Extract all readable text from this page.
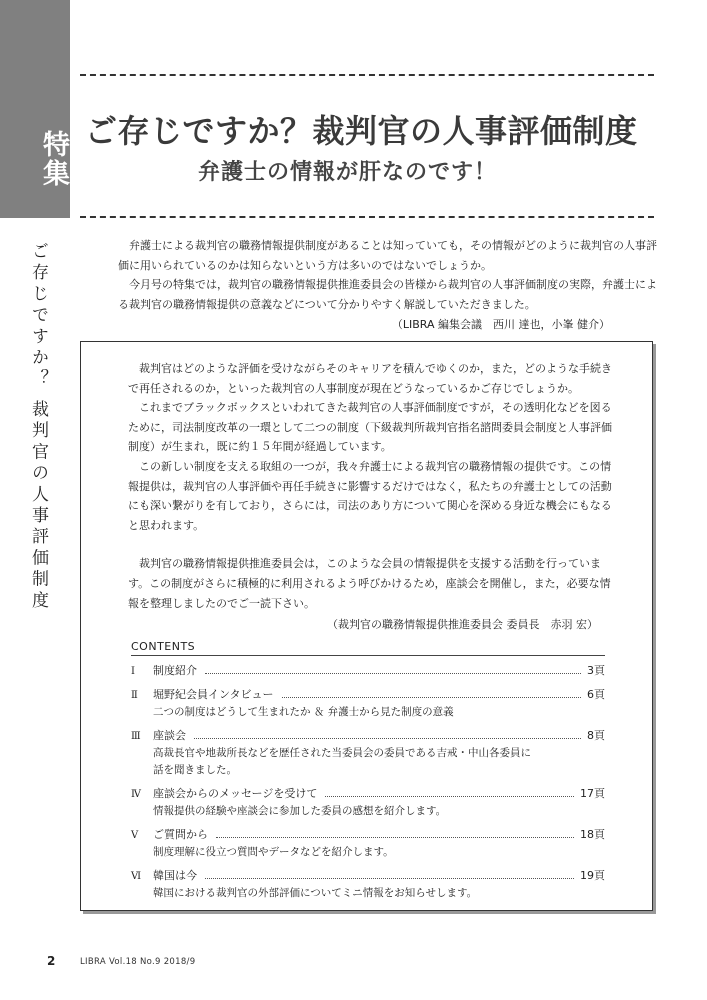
特集
ご存じですか？ 裁判官の人事評価制度
ご存じですか？裁判官の人事評価制度
弁護士の情報が肝なのです！

弁護士による裁判官の職務情報提供制度があることは知っていても，その情報がどのように裁判官の人事評価に用いられているのかは知らないという方は多いのではないでしょうか。

今月号の特集では，裁判官の職務情報提供推進委員会の皆様から裁判官の人事評価制度の実際，弁護士による裁判官の職務情報提供の意義などについて分かりやすく解説していただきました。

（LIBRA 編集会議　西川 達也，小峯 健介）

裁判官はどのような評価を受けながらそのキャリアを積んでゆくのか，また，どのような手続きで再任されるのか，といった裁判官の人事制度が現在どうなっているかご存じでしょうか。

これまでブラックボックスといわれてきた裁判官の人事評価制度ですが，その透明化などを図るために，司法制度改革の一環として二つの制度（下級裁判所裁判官指名諮問委員会制度と人事評価制度）が生まれ，既に約１５年間が経過しています。

この新しい制度を支える取組の一つが，我々弁護士による裁判官の職務情報の提供です。この情報提供は，裁判官の人事評価や再任手続きに影響するだけではなく，私たちの弁護士としての活動にも深い繋がりを有しており，さらには，司法のあり方について関心を深める身近な機会にもなると思われます。

裁判官の職務情報提供推進委員会は，このような会員の情報提供を支援する活動を行っています。この制度がさらに積極的に利用されるよう呼びかけるため，座談会を開催し，また，必要な情報を整理しましたのでご一読下さい。

（裁判官の職務情報提供推進委員会 委員長　赤羽 宏）

CONTENTS
Ⅰ	制度紹介	3頁
Ⅱ	堀野紀会員インタビュー	6頁
二つの制度はどうして生まれたか ＆ 弁護士から見た制度の意義
Ⅲ	座談会	8頁
高裁長官や地裁所長などを歴任された当委員会の委員である吉戒・中山各委員に
話を聞きました。
Ⅳ	座談会からのメッセージを受けて	17頁
情報提供の経験や座談会に参加した委員の感想を紹介します。
Ⅴ	ご質問から	18頁
制度理解に役立つ質問やデータなどを紹介します。
Ⅵ	韓国は今	19頁
韓国における裁判官の外部評価についてミニ情報をお知らせします。
2	LIBRA Vol.18 No.9 2018/9
